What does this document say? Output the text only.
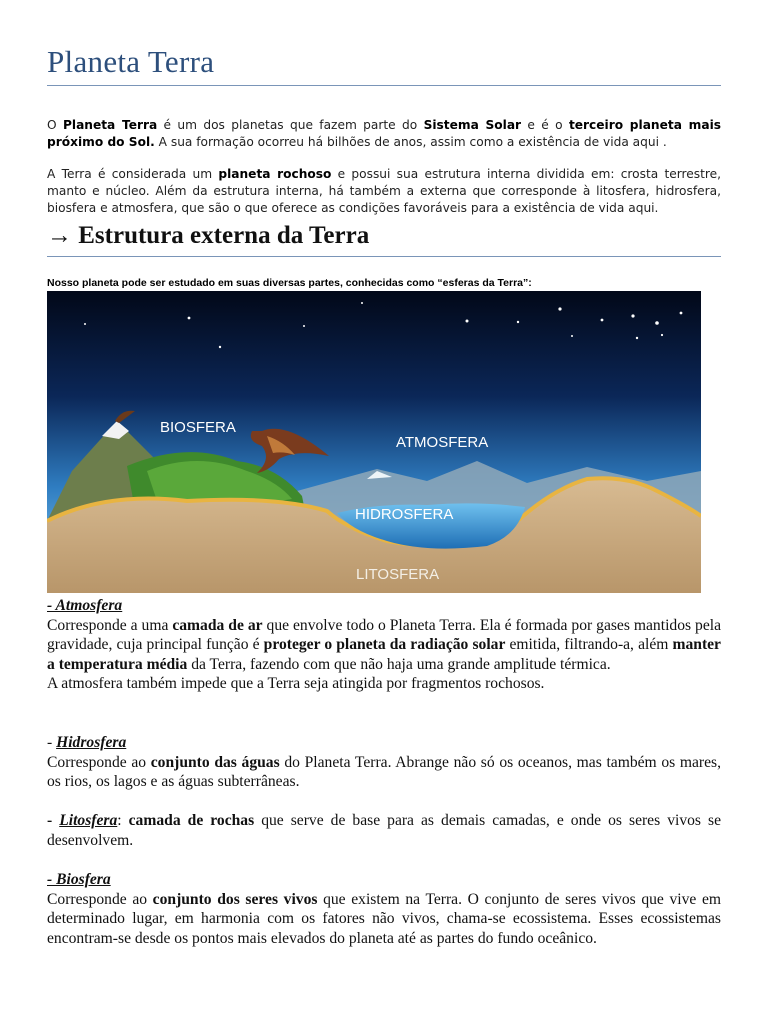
Planeta Terra

O Planeta Terra é um dos planetas que fazem parte do Sistema Solar e é o terceiro planeta mais próximo do Sol. A sua formação ocorreu há bilhões de anos, assim como a existência de vida aqui .

A Terra é considerada um planeta rochoso e possui sua estrutura interna dividida em: crosta terrestre, manto e núcleo. Além da estrutura interna, há também a externa que corresponde à litosfera, hidrosfera, biosfera e atmosfera, que são o que oferece as condições favoráveis para a existência de vida aqui.

→ Estrutura externa da Terra
Nosso planeta pode ser estudado em suas diversas partes, conhecidas como “esferas da Terra”:
BIOSFERA
ATMOSFERA
HIDROSFERA
LITOSFERA
- Atmosfera
Corresponde a uma camada de ar que envolve todo o Planeta Terra. Ela é formada por gases mantidos pela gravidade, cuja principal função é proteger o planeta da radiação solar emitida, filtrando-a, além manter a temperatura média da Terra, fazendo com que não haja uma grande amplitude térmica.
A atmosfera também impede que a Terra seja atingida por fragmentos rochosos.
- Hidrosfera
Corresponde ao conjunto das águas do Planeta Terra. Abrange não só os oceanos, mas também os mares, os rios, os lagos e as águas subterrâneas.
- Litosfera: camada de rochas que serve de base para as demais camadas, e onde os seres vivos se desenvolvem.
- Biosfera
Corresponde ao conjunto dos seres vivos que existem na Terra. O conjunto de seres vivos que vive em determinado lugar, em harmonia com os fatores não vivos, chama-se ecossistema. Esses ecossistemas encontram-se desde os pontos mais elevados do planeta até as partes do fundo oceânico.
